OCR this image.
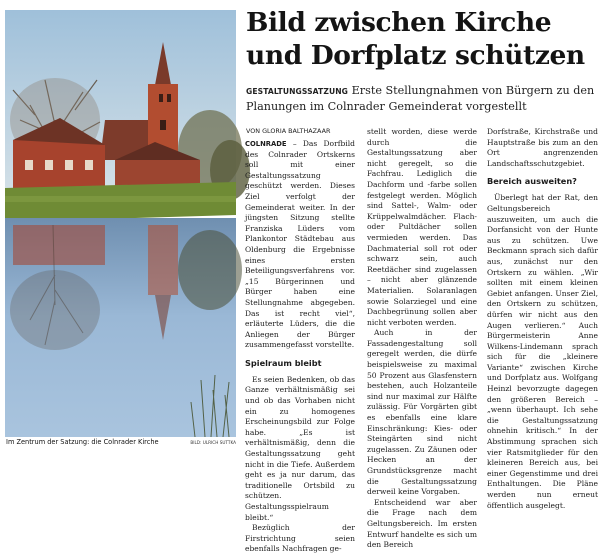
Im Zentrum der Satzung: die Colnrader Kirche	BILD: ULRICH SUTTKA
Bild zwischen Kirche
und Dorfplatz schützen
GESTALTUNGSSATZUNG Erste Stellungnahmen von Bürgern zu den Planungen im Colnrader Gemeinderat vorgestellt
VON GLORIA BALTHAZAAR

COLNRADE – Das Dorfbild des Colnrader Ortskerns soll mit einer Gestaltungssatzung geschützt werden. Dieses Ziel verfolgt der Gemeinderat weiter. In der jüngsten Sitzung stellte Franziska Lüders vom Plankontor Städtebau aus Oldenburg die Ergebnisse eines ersten Beteiligungsverfahrens vor. „15 Bürgerinnen und Bürger haben eine Stellungnahme abgegeben. Das ist recht viel“, erläuterte Lüders, die die Anliegen der Bürger zusammengefasst vorstellte.

Spielraum bleibt

Es seien Bedenken, ob das Ganze verhältnismäßig sei und ob das Vorhaben nicht ein zu homogenes Erscheinungsbild zur Folge habe. „Es ist verhältnismäßig, denn die Gestaltungssatzung geht nicht in die Tiefe. Außerdem geht es ja nur darum, das traditionelle Ortsbild zu schützen. Gestaltungsspielraum bleibt.“

Bezüglich der Firstrichtung seien ebenfalls Nachfragen ge-

stellt worden, diese werde durch die Gestaltungssatzung aber nicht geregelt, so die Fachfrau. Lediglich die Dachform und -farbe sollen festgelegt werden. Möglich sind Sattel-, Walm- oder Krüppelwalmdächer. Flach- oder Pultdächer sollen vermieden werden. Das Dachmaterial soll rot oder schwarz sein, auch Reetdächer sind zugelassen – nicht aber glänzende Materialien. Solaranlagen sowie Solarziegel und eine Dachbegrünung sollen aber nicht verboten werden.

Auch in der Fassadengestaltung soll geregelt werden, die dürfe beispielsweise zu maximal 50 Prozent aus Glasfenstern bestehen, auch Holzanteile sind nur maximal zur Hälfte zulässig. Für Vorgärten gibt es ebenfalls eine klare Einschränkung: Kies- oder Steingärten sind nicht zugelassen. Zu Zäunen oder Hecken an der Grundstücksgrenze macht die Gestaltungssatzung derweil keine Vorgaben.

Entscheidend war aber die Frage nach dem Geltungsbereich. Im ersten Entwurf handelte es sich um den Bereich

Dorfstraße, Kirchstraße und Hauptstraße bis zum an den Ort angrenzenden Landschaftsschutzgebiet.

Bereich ausweiten?

Überlegt hat der Rat, den Geltungsbereich auszuweiten, um auch die Dorfansicht von der Hunte aus zu schützen. Uwe Beckmann sprach sich dafür aus, zunächst nur den Ortskern zu wählen. „Wir sollten mit einem kleinen Gebiet anfangen. Unser Ziel, den Ortskern zu schützen, dürfen wir nicht aus den Augen verlieren.“ Auch Bürgermeisterin Anne Wilkens-Lindemann sprach sich für die „kleinere Variante“ zwischen Kirche und Dorfplatz aus. Wolfgang Heinzl bevorzugte dagegen den größeren Bereich – „wenn überhaupt. Ich sehe die Gestaltungssatzung ohnehin kritisch.“ In der Abstimmung sprachen sich vier Ratsmitglieder für den kleineren Bereich aus, bei einer Gegenstimme und drei Enthaltungen. Die Pläne werden nun erneut öffentlich ausgelegt.
